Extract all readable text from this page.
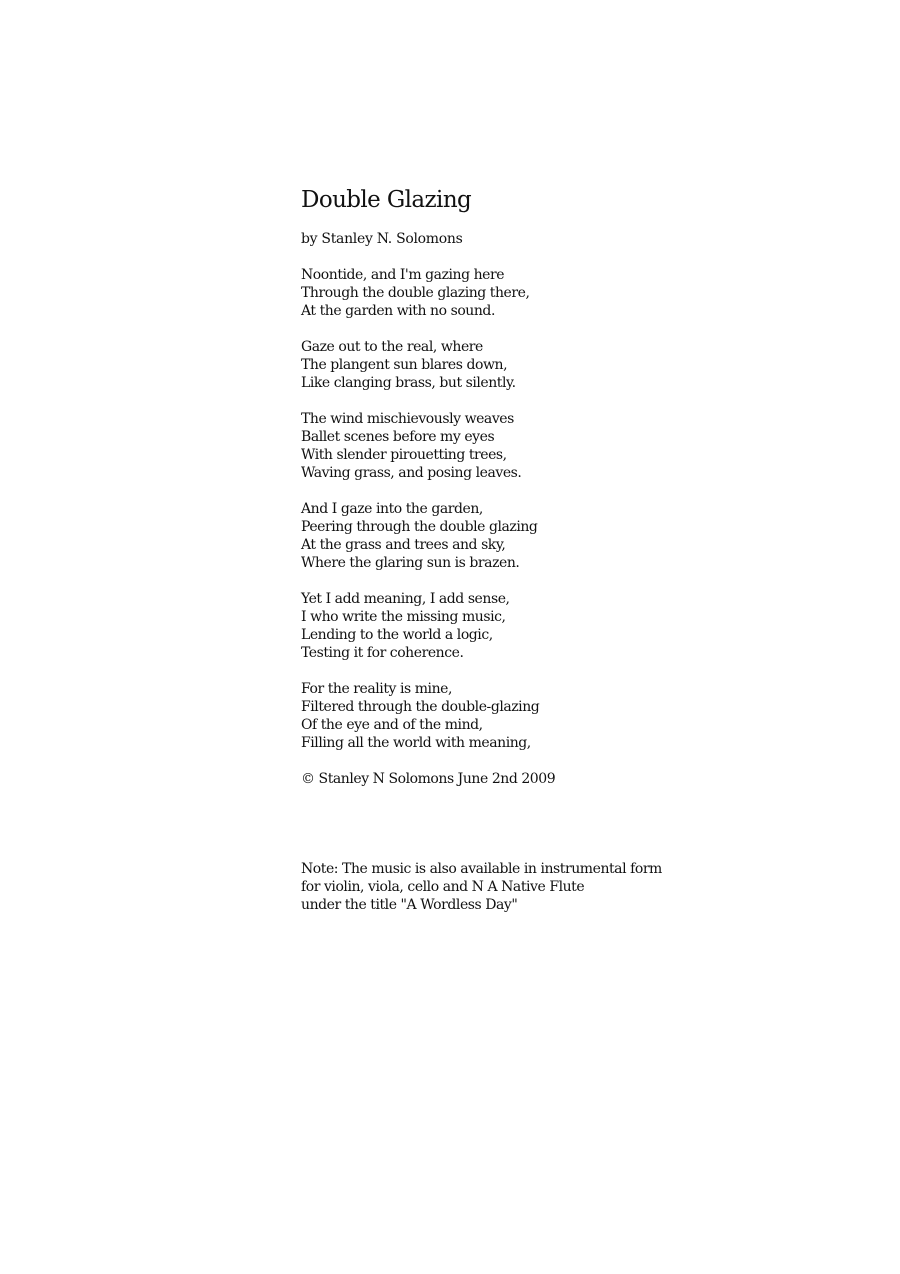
Double Glazing
by Stanley N. Solomons
Noontide, and I'm gazing here
Through the double glazing there,
At the garden with no sound.
Gaze out to the real, where
The plangent sun blares down,
Like clanging brass, but silently.
The wind mischievously weaves
Ballet scenes before my eyes
With slender pirouetting trees,
Waving grass, and posing leaves.
And I gaze into the garden,
Peering through the double glazing
At the grass and trees and sky,
Where the glaring sun is brazen.
Yet I add meaning, I add sense,
I who write the missing music,
Lending to the world a logic,
Testing it for coherence.
For the reality is mine,
Filtered through the double-glazing
Of the eye and of the mind,
Filling all the world with meaning,

© Stanley N Solomons June 2nd 2009

Note: The music is also available in instrumental form
for violin, viola, cello and N A Native Flute
under the title "A Wordless Day"
